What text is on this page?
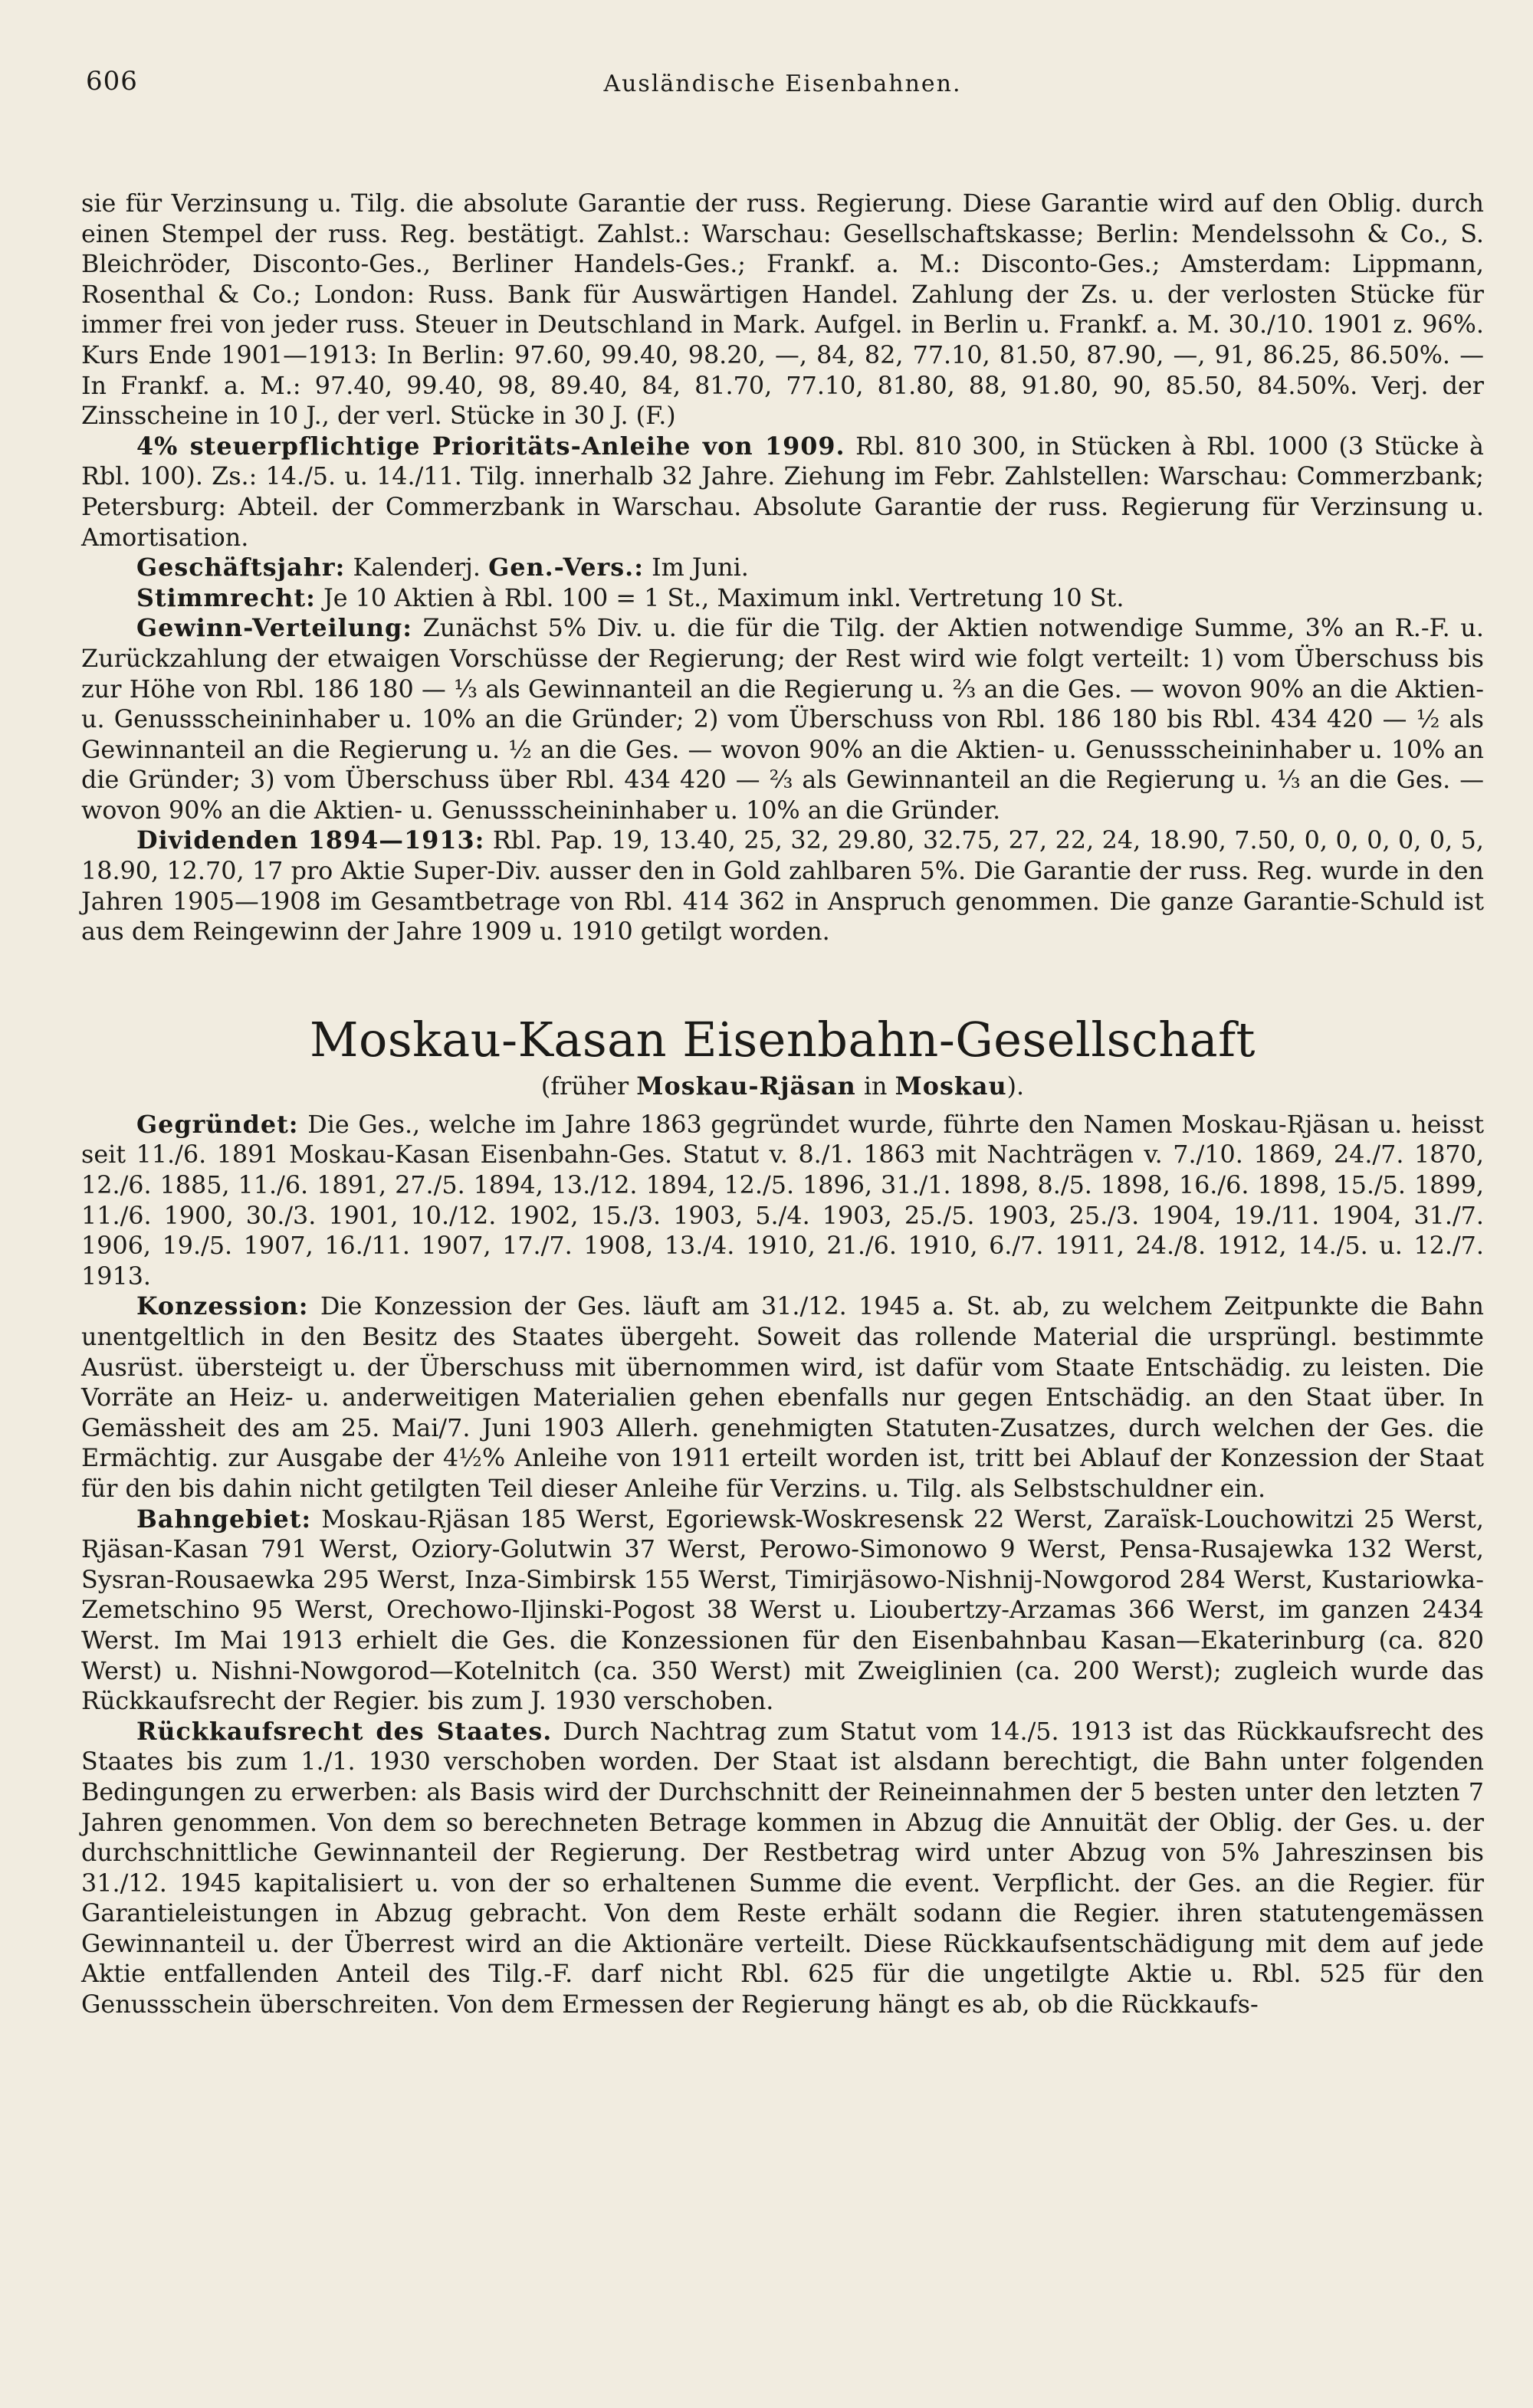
606	Ausländische Eisenbahnen.

sie für Verzinsung u. Tilg. die absolute Garantie der russ. Regierung. Diese Garantie wird auf den Oblig. durch einen Stempel der russ. Reg. bestätigt. Zahlst.: Warschau: Gesellschaftskasse; Berlin: Mendelssohn & Co., S. Bleichröder, Disconto-Ges., Berliner Handels-Ges.; Frankf. a. M.: Disconto-Ges.; Amsterdam: Lippmann, Rosenthal & Co.; London: Russ. Bank für Auswärtigen Handel. Zahlung der Zs. u. der verlosten Stücke für immer frei von jeder russ. Steuer in Deutschland in Mark. Aufgel. in Berlin u. Frankf. a. M. 30./10. 1901 z. 96%. Kurs Ende 1901—1913: In Berlin: 97.60, 99.40, 98.20, —, 84, 82, 77.10, 81.50, 87.90, —, 91, 86.25, 86.50%. — In Frankf. a. M.: 97.40, 99.40, 98, 89.40, 84, 81.70, 77.10, 81.80, 88, 91.80, 90, 85.50, 84.50%. Verj. der Zinsscheine in 10 J., der verl. Stücke in 30 J. (F.)

4% steuerpflichtige Prioritäts-Anleihe von 1909. Rbl. 810 300, in Stücken à Rbl. 1000 (3 Stücke à Rbl. 100). Zs.: 14./5. u. 14./11. Tilg. innerhalb 32 Jahre. Ziehung im Febr. Zahlstellen: Warschau: Commerzbank; Petersburg: Abteil. der Commerzbank in Warschau. Absolute Garantie der russ. Regierung für Verzinsung u. Amortisation.

Geschäftsjahr: Kalenderj. Gen.-Vers.: Im Juni.

Stimmrecht: Je 10 Aktien à Rbl. 100 = 1 St., Maximum inkl. Vertretung 10 St.

Gewinn-Verteilung: Zunächst 5% Div. u. die für die Tilg. der Aktien notwendige Summe, 3% an R.-F. u. Zurückzahlung der etwaigen Vorschüsse der Regierung; der Rest wird wie folgt verteilt: 1) vom Überschuss bis zur Höhe von Rbl. 186 180 — ⅓ als Gewinnanteil an die Regierung u. ⅔ an die Ges. — wovon 90% an die Aktien- u. Genussscheininhaber u. 10% an die Gründer; 2) vom Überschuss von Rbl. 186 180 bis Rbl. 434 420 — ½ als Gewinnanteil an die Regierung u. ½ an die Ges. — wovon 90% an die Aktien- u. Genussscheininhaber u. 10% an die Gründer; 3) vom Überschuss über Rbl. 434 420 — ⅔ als Gewinnanteil an die Regierung u. ⅓ an die Ges. — wovon 90% an die Aktien- u. Genussscheininhaber u. 10% an die Gründer.

Dividenden 1894—1913: Rbl. Pap. 19, 13.40, 25, 32, 29.80, 32.75, 27, 22, 24, 18.90, 7.50, 0, 0, 0, 0, 0, 5, 18.90, 12.70, 17 pro Aktie Super-Div. ausser den in Gold zahlbaren 5%. Die Garantie der russ. Reg. wurde in den Jahren 1905—1908 im Gesamtbetrage von Rbl. 414 362 in Anspruch genommen. Die ganze Garantie-Schuld ist aus dem Reingewinn der Jahre 1909 u. 1910 getilgt worden.

Moskau-Kasan Eisenbahn-Gesellschaft
(früher Moskau-Rjäsan in Moskau).

Gegründet: Die Ges., welche im Jahre 1863 gegründet wurde, führte den Namen Moskau-Rjäsan u. heisst seit 11./6. 1891 Moskau-Kasan Eisenbahn-Ges. Statut v. 8./1. 1863 mit Nachträgen v. 7./10. 1869, 24./7. 1870, 12./6. 1885, 11./6. 1891, 27./5. 1894, 13./12. 1894, 12./5. 1896, 31./1. 1898, 8./5. 1898, 16./6. 1898, 15./5. 1899, 11./6. 1900, 30./3. 1901, 10./12. 1902, 15./3. 1903, 5./4. 1903, 25./5. 1903, 25./3. 1904, 19./11. 1904, 31./7. 1906, 19./5. 1907, 16./11. 1907, 17./7. 1908, 13./4. 1910, 21./6. 1910, 6./7. 1911, 24./8. 1912, 14./5. u. 12./7. 1913.

Konzession: Die Konzession der Ges. läuft am 31./12. 1945 a. St. ab, zu welchem Zeitpunkte die Bahn unentgeltlich in den Besitz des Staates übergeht. Soweit das rollende Material die ursprüngl. bestimmte Ausrüst. übersteigt u. der Überschuss mit übernommen wird, ist dafür vom Staate Entschädig. zu leisten. Die Vorräte an Heiz- u. anderweitigen Materialien gehen ebenfalls nur gegen Entschädig. an den Staat über. In Gemässheit des am 25. Mai/7. Juni 1903 Allerh. genehmigten Statuten-Zusatzes, durch welchen der Ges. die Ermächtig. zur Ausgabe der 4½% Anleihe von 1911 erteilt worden ist, tritt bei Ablauf der Konzession der Staat für den bis dahin nicht getilgten Teil dieser Anleihe für Verzins. u. Tilg. als Selbstschuldner ein.

Bahngebiet: Moskau-Rjäsan 185 Werst, Egoriewsk-Woskresensk 22 Werst, Zaraïsk-Louchowitzi 25 Werst, Rjäsan-Kasan 791 Werst, Oziory-Golutwin 37 Werst, Perowo-Simonowo 9 Werst, Pensa-Rusajewka 132 Werst, Sysran-Rousaewka 295 Werst, Inza-Simbirsk 155 Werst, Timirjäsowo-Nishnij-Nowgorod 284 Werst, Kustariowka-Zemetschino 95 Werst, Orechowo-Iljinski-Pogost 38 Werst u. Lioubertzy-Arzamas 366 Werst, im ganzen 2434 Werst. Im Mai 1913 erhielt die Ges. die Konzessionen für den Eisenbahnbau Kasan—Ekaterinburg (ca. 820 Werst) u. Nishni-Nowgorod—Kotelnitch (ca. 350 Werst) mit Zweiglinien (ca. 200 Werst); zugleich wurde das Rückkaufsrecht der Regier. bis zum J. 1930 verschoben.

Rückkaufsrecht des Staates. Durch Nachtrag zum Statut vom 14./5. 1913 ist das Rückkaufsrecht des Staates bis zum 1./1. 1930 verschoben worden. Der Staat ist alsdann berechtigt, die Bahn unter folgenden Bedingungen zu erwerben: als Basis wird der Durchschnitt der Reineinnahmen der 5 besten unter den letzten 7 Jahren genommen. Von dem so berechneten Betrage kommen in Abzug die Annuität der Oblig. der Ges. u. der durchschnittliche Gewinnanteil der Regierung. Der Restbetrag wird unter Abzug von 5% Jahreszinsen bis 31./12. 1945 kapitalisiert u. von der so erhaltenen Summe die event. Verpflicht. der Ges. an die Regier. für Garantieleistungen in Abzug gebracht. Von dem Reste erhält sodann die Regier. ihren statutengemässen Gewinnanteil u. der Überrest wird an die Aktionäre verteilt. Diese Rückkaufsentschädigung mit dem auf jede Aktie entfallenden Anteil des Tilg.-F. darf nicht Rbl. 625 für die ungetilgte Aktie u. Rbl. 525 für den Genussschein überschreiten. Von dem Ermessen der Regierung hängt es ab, ob die Rückkaufs-
